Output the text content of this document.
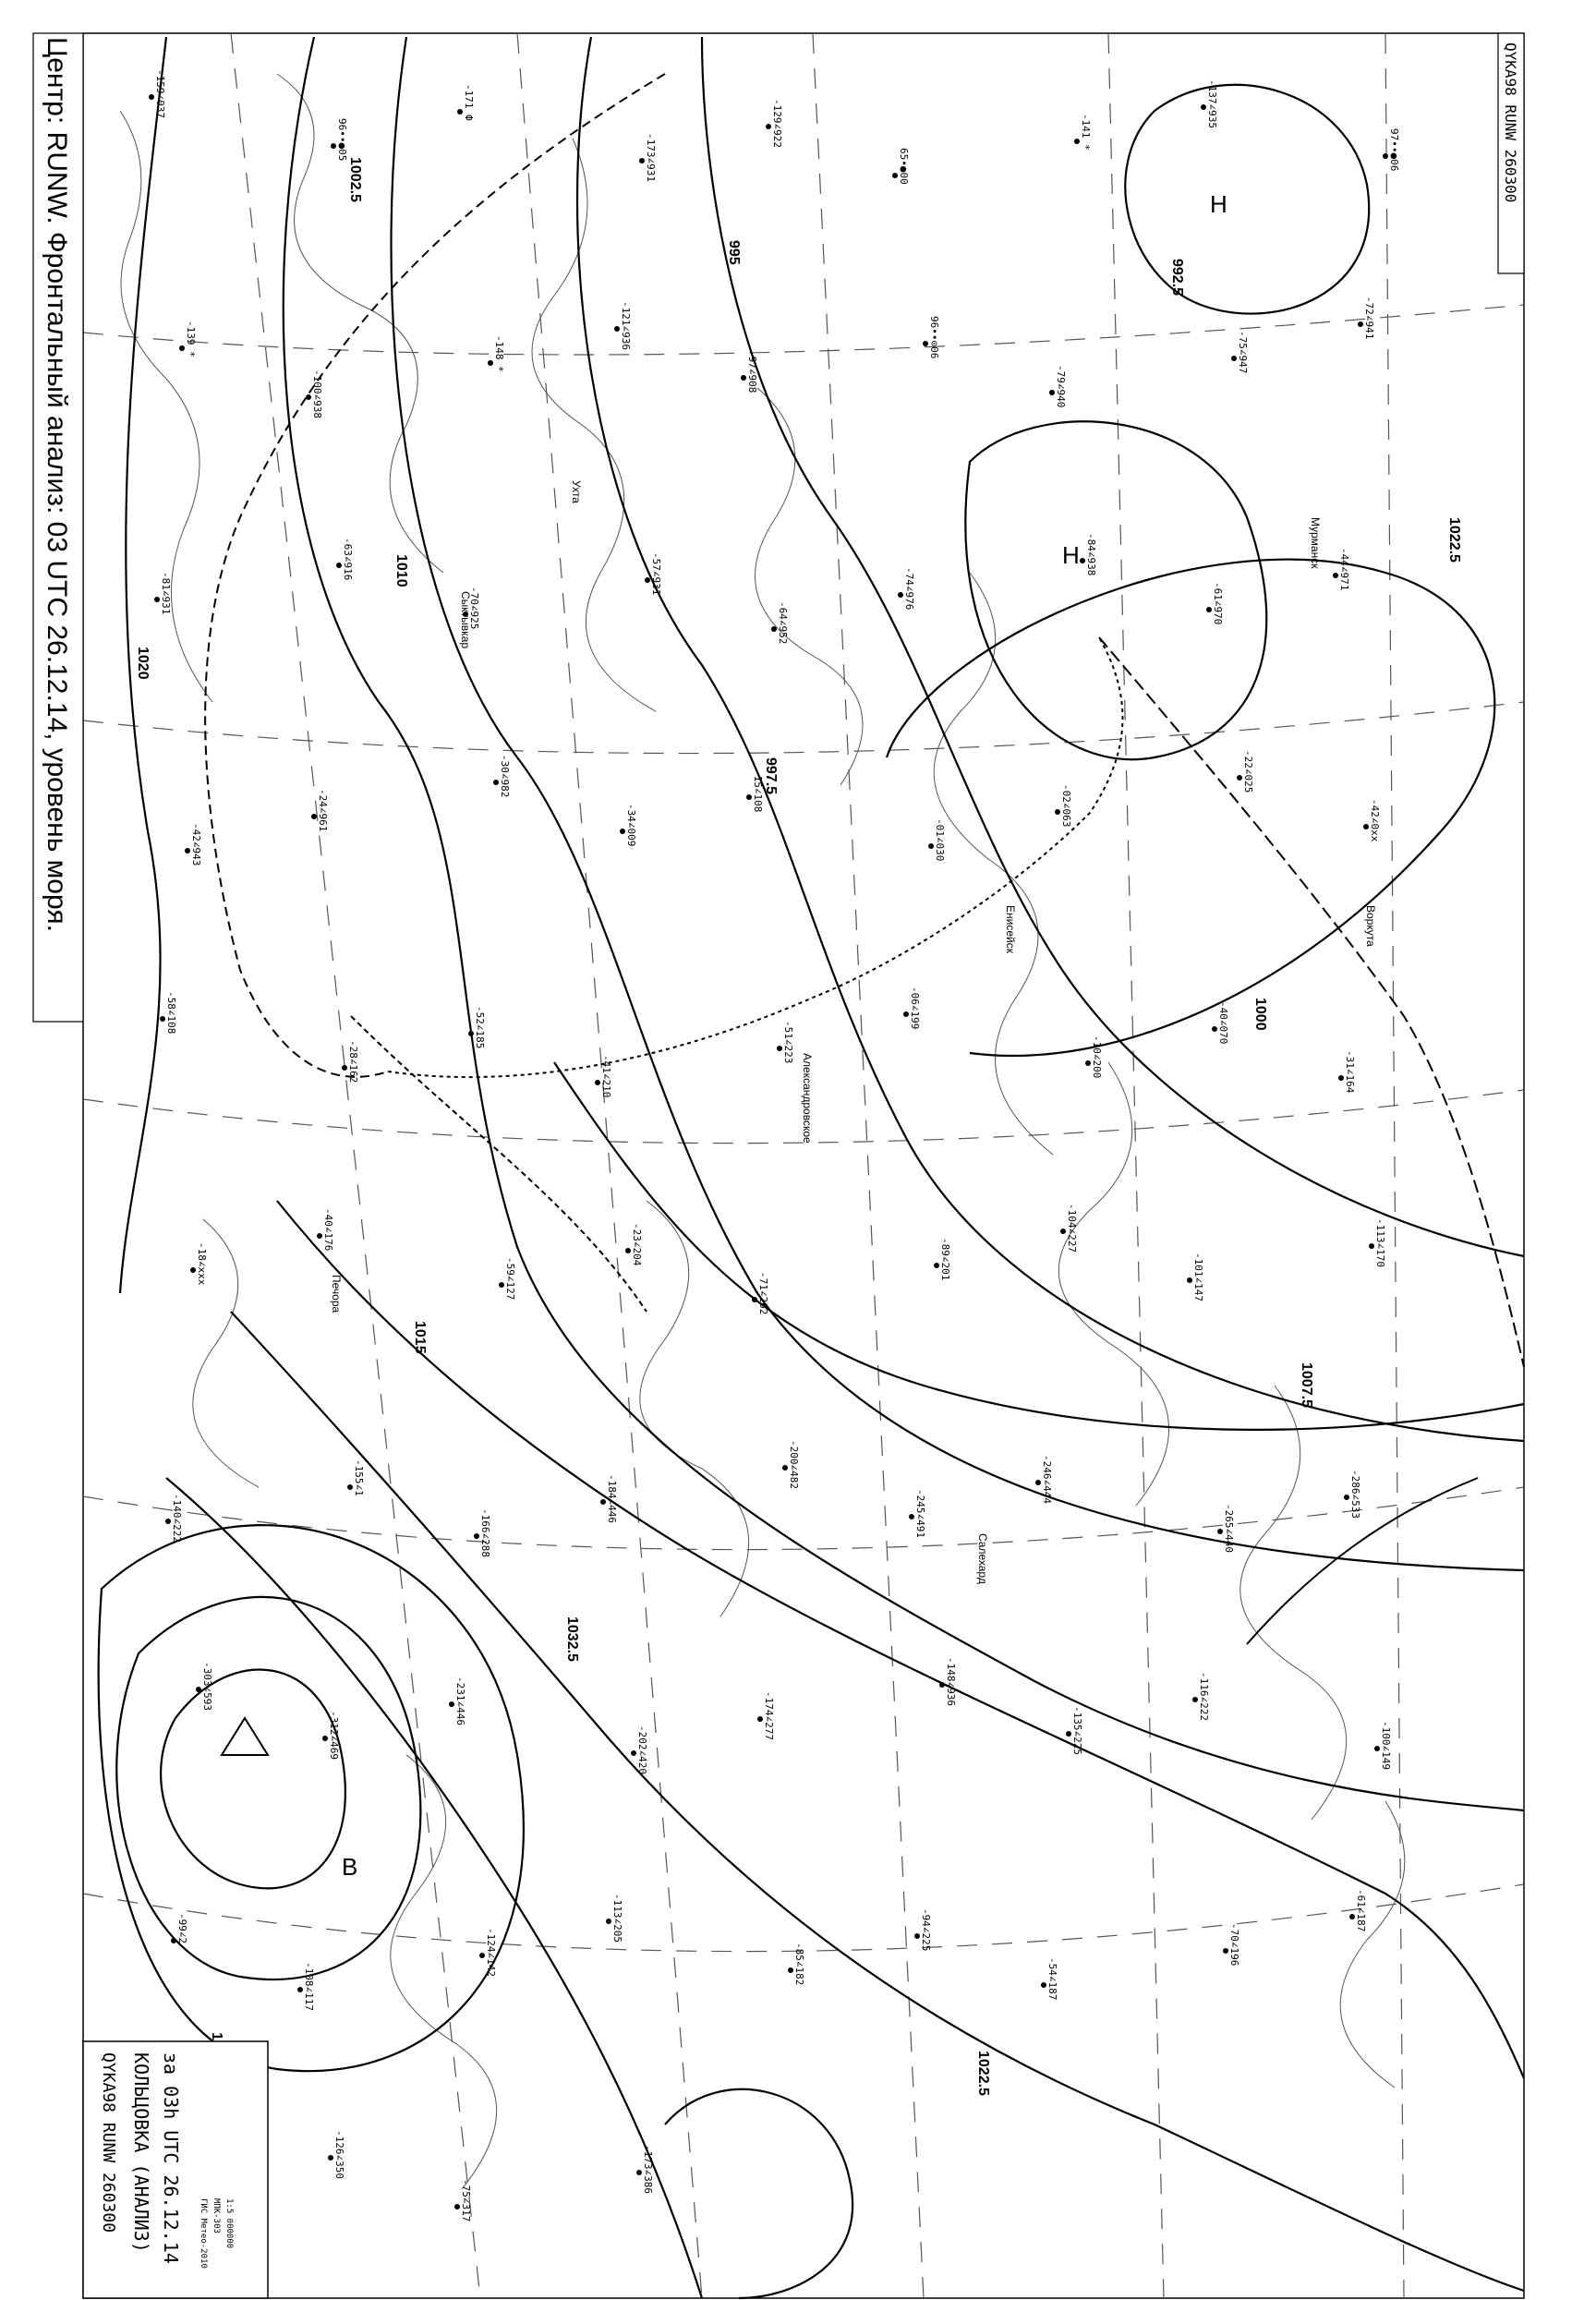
1020
1010
1002.5
997.5
995
992.5
1000
1007.5
1015
1022.5
1032.5
1022.5
Н
Н
В
-159∠037
96••●05
-171 Ф
-173∠931
-129∠922
65•●00
-141 *
-137∠935
97••●06
-139 *
-100∠938
-148 *
-121∠936
-97∠908
96••⊙06
-79∠940
-75∠947
-72∠941
-81∠931
-63∠916
-70∠925
-57∠931
-64∠952
-74∠976
-84∠938
-61∠970
-44∠971
-42∠943
-24∠961
-30∠982
-34∠009
-15∠108
-01∠030
-02∠063
-22∠025
-42∠0xx
-58∠108
-28∠162
-52∠185
-41∠210
-51∠223
-06∠199
-10∠200
-40∠070
-31∠164
-18∠xxx
-40∠176
-59∠127
-23∠204
-71∠262
-89∠201
-104∠227
-101∠147
-113∠170
-140∠222
-155∠1
-166∠288
-184∠446
-200∠482
-245∠491
-246∠444
-265∠440
-286∠533
-303∠593
-312∠469
-231∠446
-202∠420
-174∠277
-148∠936
-135∠225
-116∠222
-100∠149
-99∠2
-108∠117
-124∠142
-113∠205
-85∠182
-94∠225
-54∠187
-70∠196
-61∠187
-126∠350
-75∠317
-173∠386
Енисейск
Александровское
Сыктывкар
Ухта
Воркута
Мурманск
Салехард
Печора
Центр: RUNW. Фронтальный анализ: 03 UTC 26.12.14, уровень моря.	QYKA98 RUNW 260300
QYKA98 RUNW 260300 КОЛЬЦОВКА (АНАЛИЗ) за 03h UTC 26.12.14 ГИС Метео-2010 МПК-303 1:5 000000
